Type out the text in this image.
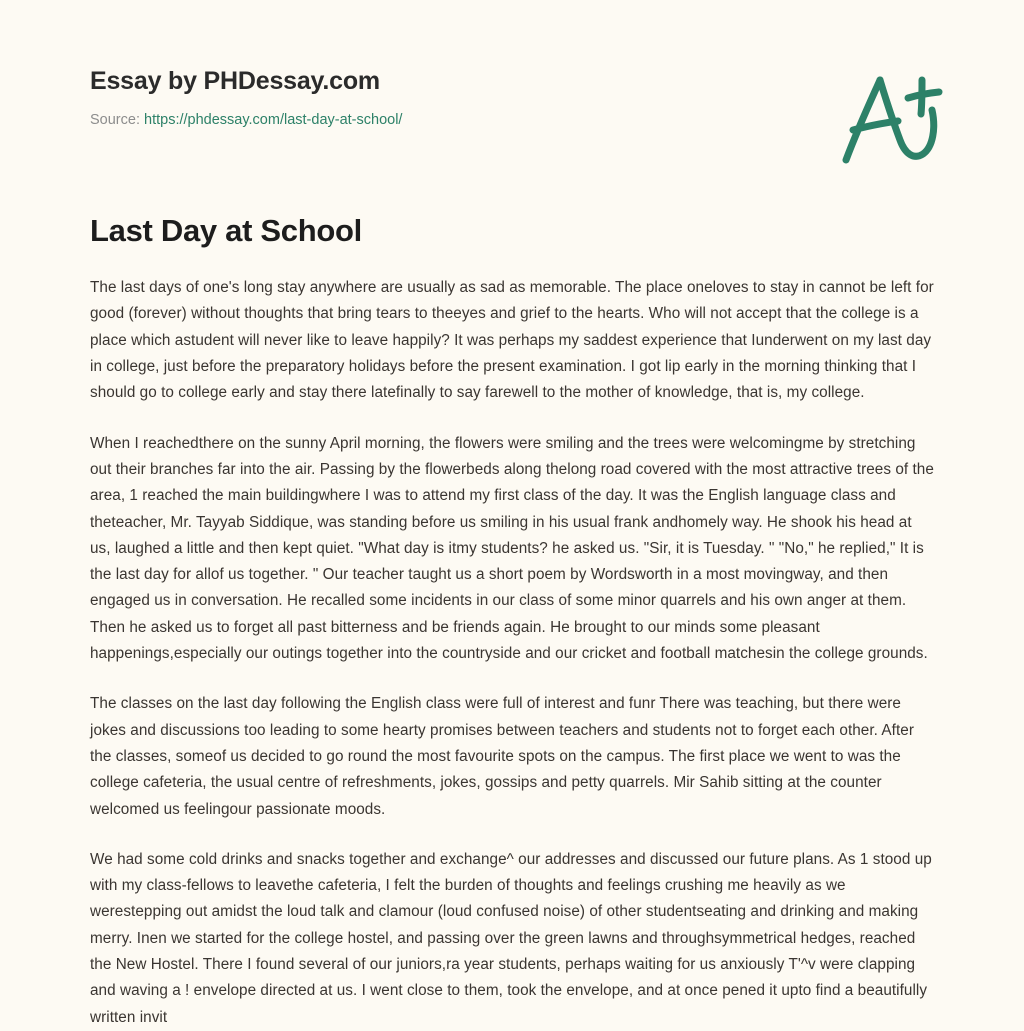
Essay by PHDessay.com
Source: https://phdessay.com/last-day-at-school/
Last Day at School

The last days of one's long stay anywhere are usually as sad as memorable. The place oneloves to stay in cannot be left for good (forever) without thoughts that bring tears to theeyes and grief to the hearts. Who will not accept that the college is a place which astudent will never like to leave happily? It was perhaps my saddest experience that Iunderwent on my last day in college, just before the preparatory holidays before the present examination. I got lip early in the morning thinking that I should go to college early and stay there latefinally to say farewell to the mother of knowledge, that is, my college.

When I reachedthere on the sunny April morning, the flowers were smiling and the trees were welcomingme by stretching out their branches far into the air. Passing by the flowerbeds along thelong road covered with the most attractive trees of the area, 1 reached the main buildingwhere I was to attend my first class of the day. It was the English language class and theteacher, Mr. Tayyab Siddique, was standing before us smiling in his usual frank andhomely way. He shook his head at us, laughed a little and then kept quiet. "What day is itmy students? he asked us. "Sir, it is Tuesday. " "No," he replied," It is the last day for allof us together. " Our teacher taught us a short poem by Wordsworth in a most movingway, and then engaged us in conversation. He recalled some incidents in our class of some minor quarrels and his own anger at them. Then he asked us to forget all past bitterness and be friends again. He brought to our minds some pleasant happenings,especially our outings together into the countryside and our cricket and football matchesin the college grounds.

The classes on the last day following the English class were full of interest and funr There was teaching, but there were jokes and discussions too leading to some hearty promises between teachers and students not to forget each other. After the classes, someof us decided to go round the most favourite spots on the campus. The first place we went to was the college cafeteria, the usual centre of refreshments, jokes, gossips and petty quarrels. Mir Sahib sitting at the counter welcomed us feelingour passionate moods.

We had some cold drinks and snacks together and exchange^ our addresses and discussed our future plans. As 1 stood up with my class-fellows to leavethe cafeteria, I felt the burden of thoughts and feelings crushing me heavily as we werestepping out amidst the loud talk and clamour (loud confused noise) of other studentseating and drinking and making merry. Inen we started for the college hostel, and passing over the green lawns and throughsymmetrical hedges, reached the New Hostel. There I found several of our juniors,ra year students, perhaps waiting for us anxiously T'^v were clapping and waving a ! envelope directed at us. I went close to them, took the envelope, and at once pened it upto find a beautifully written invit
